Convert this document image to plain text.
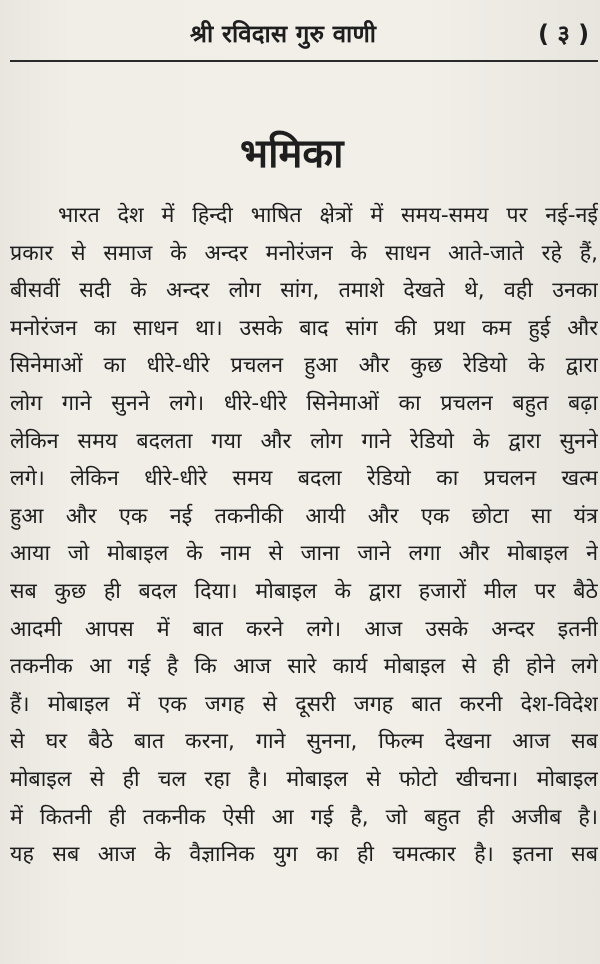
श्री रविदास गुरु वाणी	( ३ )
भमिका
भारत देश में हिन्दी भाषित क्षेत्रों में समय-समय पर नई-नई
प्रकार से समाज के अन्दर मनोरंजन के साधन आते-जाते रहे हैं,
बीसवीं सदी के अन्दर लोग सांग, तमाशे देखते थे, वही उनका
मनोरंजन का साधन था। उसके बाद सांग की प्रथा कम हुई और
सिनेमाओं का धीरे-धीरे प्रचलन हुआ और कुछ रेडियो के द्वारा
लोग गाने सुनने लगे। धीरे-धीरे सिनेमाओं का प्रचलन बहुत बढ़ा
लेकिन समय बदलता गया और लोग गाने रेडियो के द्वारा सुनने
लगे। लेकिन धीरे-धीरे समय बदला रेडियो का प्रचलन खत्म
हुआ और एक नई तकनीकी आयी और एक छोटा सा यंत्र
आया जो मोबाइल के नाम से जाना जाने लगा और मोबाइल ने
सब कुछ ही बदल दिया। मोबाइल के द्वारा हजारों मील पर बैठे
आदमी आपस में बात करने लगे। आज उसके अन्दर इतनी
तकनीक आ गई है कि आज सारे कार्य मोबाइल से ही होने लगे
हैं। मोबाइल में एक जगह से दूसरी जगह बात करनी देश-विदेश
से घर बैठे बात करना, गाने सुनना, फिल्म देखना आज सब
मोबाइल से ही चल रहा है। मोबाइल से फोटो खीचना। मोबाइल
में कितनी ही तकनीक ऐसी आ गई है, जो बहुत ही अजीब है।
यह सब आज के वैज्ञानिक युग का ही चमत्कार है। इतना सब
